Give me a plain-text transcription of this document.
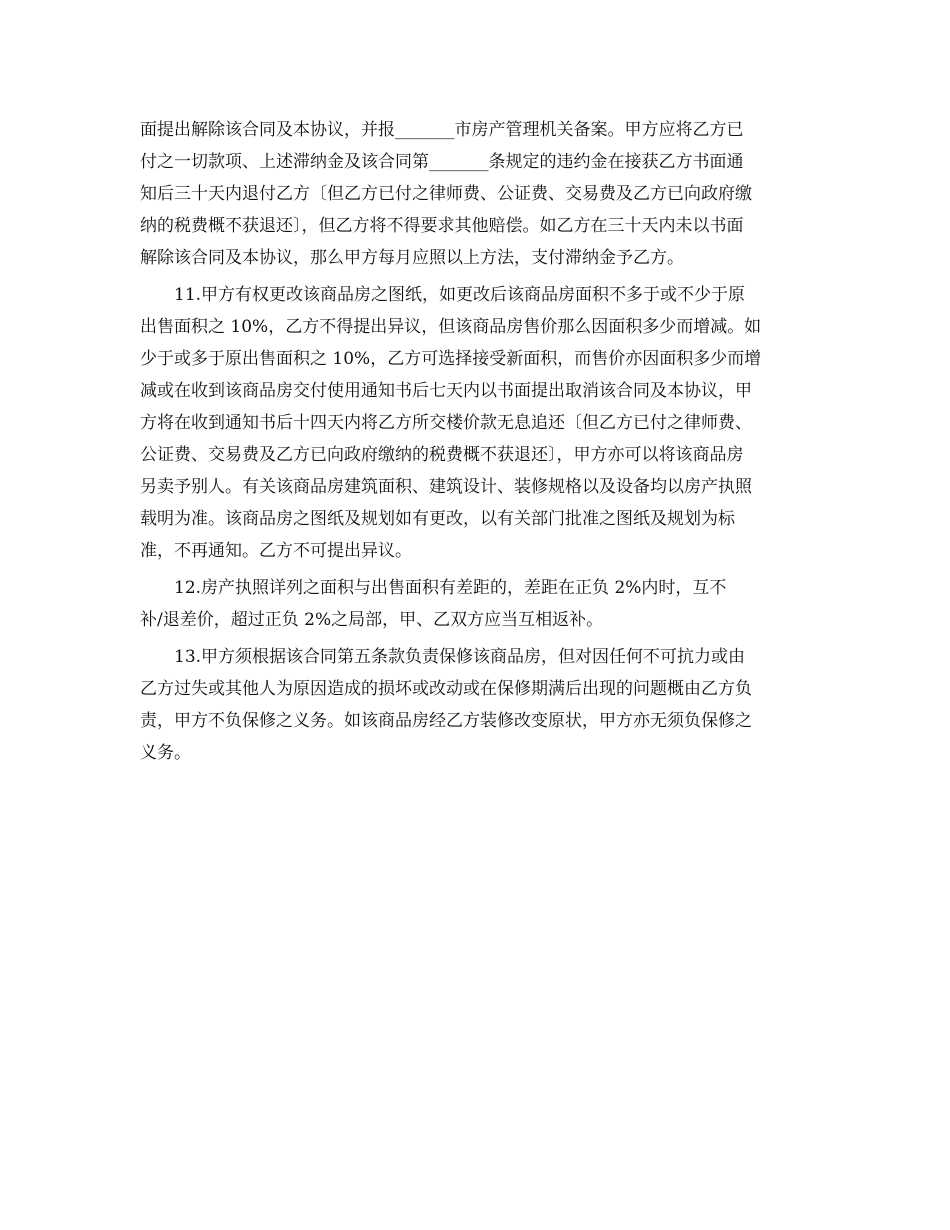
面提出解除该合同及本协议，并报_______市房产管理机关备案。甲方应将乙方已
付之一切款项、上述滞纳金及该合同第_______条规定的违约金在接获乙方书面通
知后三十天内退付乙方〔但乙方已付之律师费、公证费、交易费及乙方已向政府缴
纳的税费概不获退还〕，但乙方将不得要求其他赔偿。如乙方在三十天内未以书面
解除该合同及本协议，那么甲方每月应照以上方法，支付滞纳金予乙方。
11.甲方有权更改该商品房之图纸，如更改后该商品房面积不多于或不少于原
出售面积之 10%，乙方不得提出异议，但该商品房售价那么因面积多少而增减。如
少于或多于原出售面积之 10%，乙方可选择接受新面积，而售价亦因面积多少而增
减或在收到该商品房交付使用通知书后七天内以书面提出取消该合同及本协议，甲
方将在收到通知书后十四天内将乙方所交楼价款无息追还〔但乙方已付之律师费、
公证费、交易费及乙方已向政府缴纳的税费概不获退还〕，甲方亦可以将该商品房
另卖予别人。有关该商品房建筑面积、建筑设计、装修规格以及设备均以房产执照
载明为准。该商品房之图纸及规划如有更改，以有关部门批准之图纸及规划为标
准，不再通知。乙方不可提出异议。
12.房产执照详列之面积与出售面积有差距的，差距在正负 2%内时，互不
补/退差价，超过正负 2%之局部，甲、乙双方应当互相返补。
13.甲方须根据该合同第五条款负责保修该商品房，但对因任何不可抗力或由
乙方过失或其他人为原因造成的损坏或改动或在保修期满后出现的问题概由乙方负
责，甲方不负保修之义务。如该商品房经乙方装修改变原状，甲方亦无须负保修之
义务。
